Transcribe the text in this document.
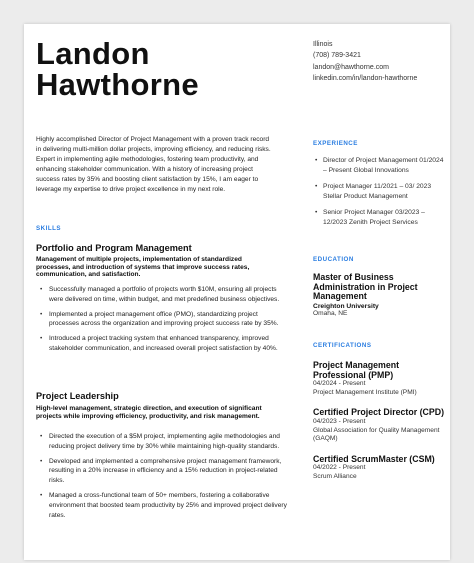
Landon
Hawthorne
Illinois
(708) 789-3421
landon@hawthorne.com
linkedin.com/in/landon-hawthorne
Highly accomplished Director of Project Management with a proven track record in delivering multi-million dollar projects, improving efficiency, and reducing risks. Expert in implementing agile methodologies, fostering team productivity, and enhancing stakeholder communication. With a history of increasing project success rates by 35% and boosting client satisfaction by 15%, I am eager to leverage my expertise to drive project excellence in my next role.
SKILLS
Portfolio and Program Management
Management of multiple projects, implementation of standardized processes, and introduction of systems that improve success rates, communication, and satisfaction.
• Successfully managed a portfolio of projects worth $10M, ensuring all projects were delivered on time, within budget, and met predefined business objectives.
• Implemented a project management office (PMO), standardizing project processes across the organization and improving project success rate by 35%.
• Introduced a project tracking system that enhanced transparency, improved stakeholder communication, and increased overall project satisfaction by 40%.
Project Leadership
High-level management, strategic direction, and execution of significant projects while improving efficiency, productivity, and risk management.
• Directed the execution of a $5M project, implementing agile methodologies and reducing project delivery time by 30% while maintaining high-quality standards.
• Developed and implemented a comprehensive project management framework, resulting in a 20% increase in efficiency and a 15% reduction in project-related risks.
• Managed a cross-functional team of 50+ members, fostering a collaborative environment that boosted team productivity by 25% and improved project delivery rates.
EXPERIENCE
• Director of Project Management 01/2024 – Present Global Innovations
• Project Manager 11/2021 – 03/ 2023 Stellar Product Management
• Senior Project Manager 03/2023 – 12/2023 Zenith Project Services
EDUCATION
Master of Business Administration in Project Management
Creighton University
Omaha, NE
CERTIFICATIONS
Project Management Professional (PMP)
04/2024 - Present
Project Management Institute (PMI)
Certified Project Director (CPD)
04/2023 - Present
Global Association for Quality Management (GAQM)
Certified ScrumMaster (CSM)
04/2022 - Present
Scrum Alliance
